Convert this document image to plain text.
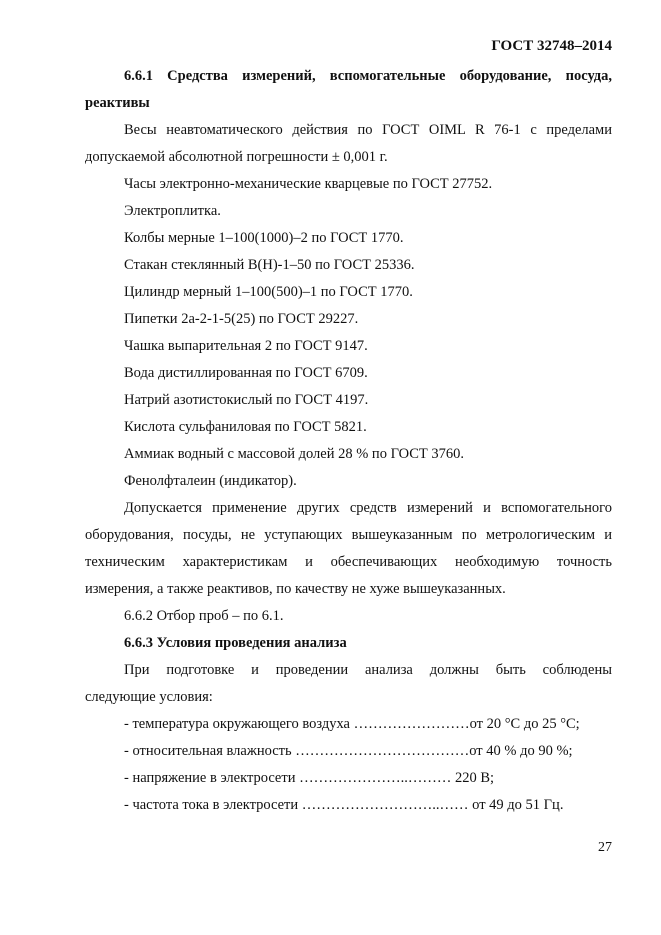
ГОСТ 32748–2014
6.6.1 Средства измерений, вспомогательные оборудование, посуда,
реактивы
Весы неавтоматического действия по ГОСТ OIML R 76-1 с пределами
допускаемой абсолютной погрешности ± 0,001 г.
Часы электронно-механические кварцевые по ГОСТ 27752.
Электроплитка.
Колбы мерные 1–100(1000)–2 по ГОСТ 1770.
Стакан стеклянный В(Н)-1–50 по ГОСТ 25336.
Цилиндр мерный 1–100(500)–1 по ГОСТ 1770.
Пипетки 2а-2-1-5(25) по ГОСТ 29227.
Чашка выпарительная 2 по ГОСТ 9147.
Вода дистиллированная по ГОСТ 6709.
Натрий азотистокислый по ГОСТ 4197.
Кислота сульфаниловая по ГОСТ 5821.
Аммиак водный с массовой долей 28 % по ГОСТ 3760.
Фенолфталеин (индикатор).
Допускается применение других средств измерений и вспомогательного
оборудования, посуды, не уступающих вышеуказанным по метрологическим и
техническим характеристикам и обеспечивающих необходимую точность
измерения, а также реактивов, по качеству не хуже вышеуказанных.
6.6.2 Отбор проб – по 6.1.
6.6.3 Условия проведения анализа
При подготовке и проведении анализа должны быть соблюдены
следующие условия:
- температура окружающего воздуха ……………………от 20 °C до 25 °C;
- относительная влажность ………………………………от 40 % до 90 %;
- напряжение в электросети …………………..……… 220 В;
- частота тока в электросети ………………………..…… от 49 до 51 Гц.
27
